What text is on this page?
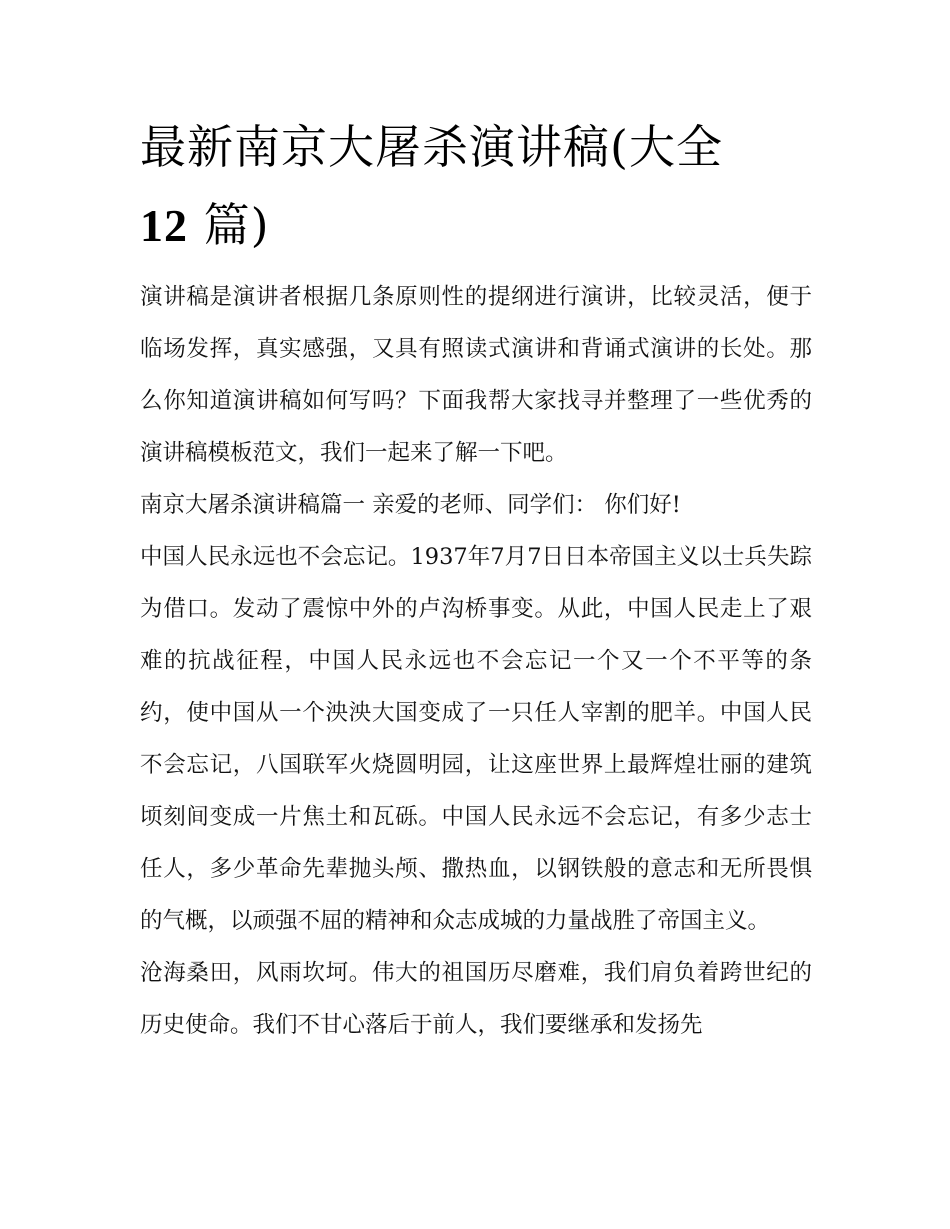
最新南京大屠杀演讲稿(大全
12 篇)

演讲稿是演讲者根据几条原则性的提纲进行演讲，比较灵活，便于临场发挥，真实感强，又具有照读式演讲和背诵式演讲的长处。那么你知道演讲稿如何写吗？下面我帮大家找寻并整理了一些优秀的演讲稿模板范文，我们一起来了解一下吧。

南京大屠杀演讲稿篇一 亲爱的老师、同学们： 你们好!

中国人民永远也不会忘记。1937年7月7日日本帝国主义以士兵失踪为借口。发动了震惊中外的卢沟桥事变。从此，中国人民走上了艰难的抗战征程，中国人民永远也不会忘记一个又一个不平等的条约，使中国从一个泱泱大国变成了一只任人宰割的肥羊。中国人民不会忘记，八国联军火烧圆明园，让这座世界上最辉煌壮丽的建筑顷刻间变成一片焦土和瓦砾。中国人民永远不会忘记，有多少志士任人，多少革命先辈抛头颅、撒热血，以钢铁般的意志和无所畏惧的气概，以顽强不屈的精神和众志成城的力量战胜了帝国主义。

沧海桑田，风雨坎坷。伟大的祖国历尽磨难，我们肩负着跨世纪的历史使命。我们不甘心落后于前人，我们要继承和发扬先
